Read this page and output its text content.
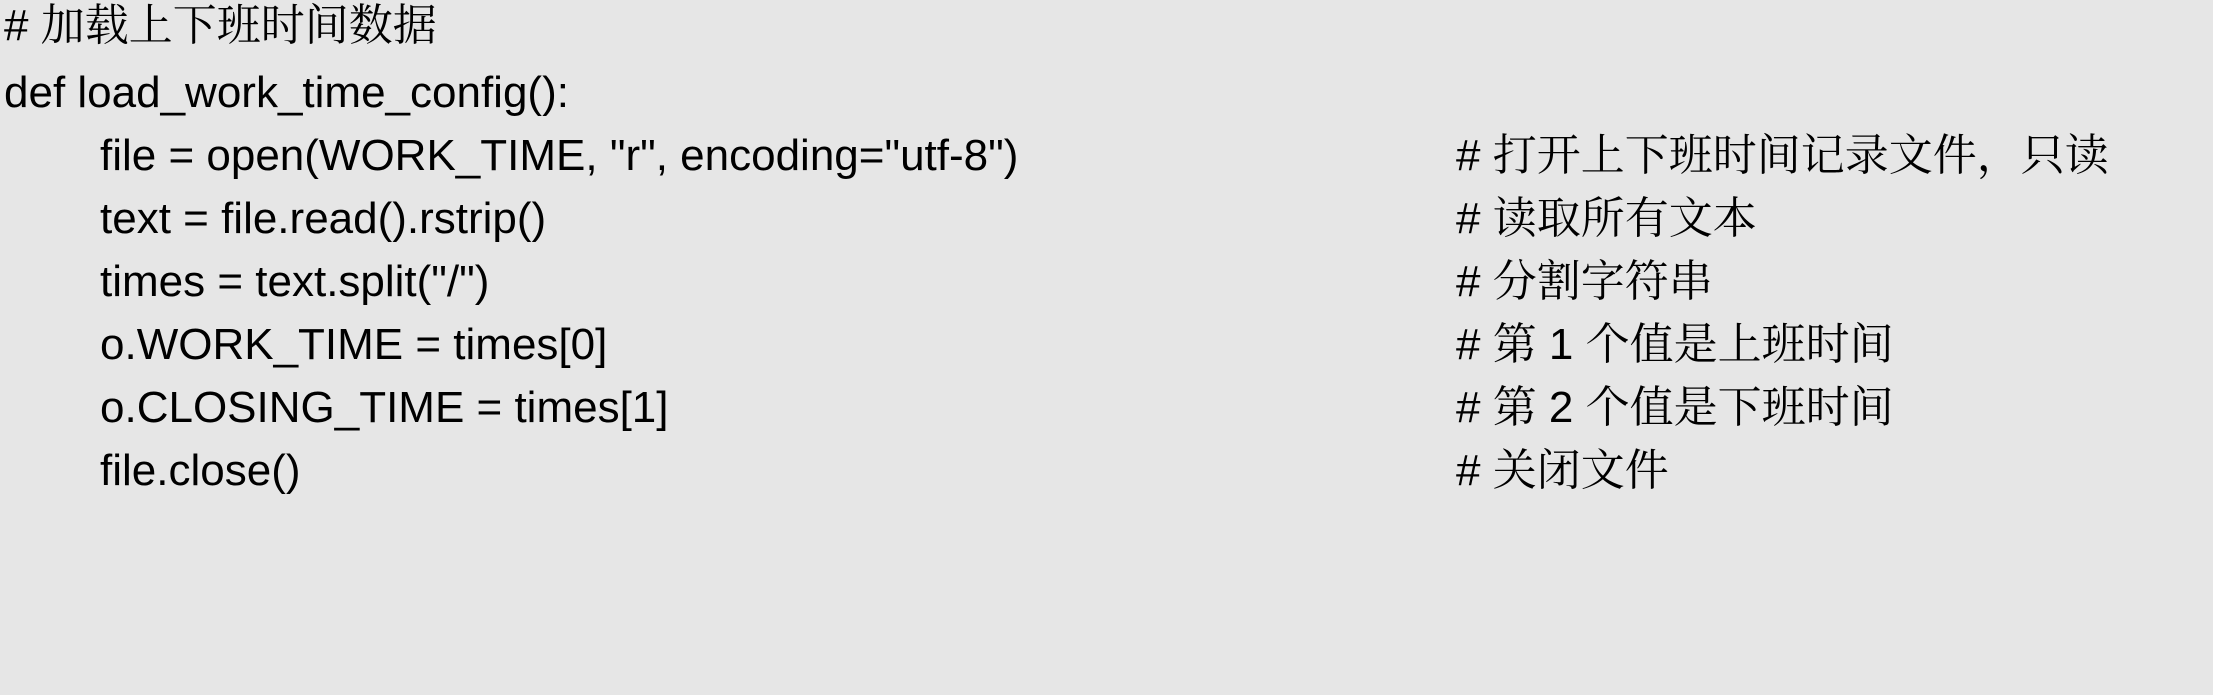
# 加载上下班时间数据

def load_work_time_config():

file = open(WORK_TIME, "r", encoding="utf-8")

	# 打开上下班时间记录文件，只读

text = file.read().rstrip()

	# 读取所有文本

times = text.split("/")

	# 分割字符串

o.WORK_TIME = times[0]

	# 第 1 个值是上班时间

o.CLOSING_TIME = times[1]

	# 第 2 个值是下班时间

file.close()

	# 关闭文件
